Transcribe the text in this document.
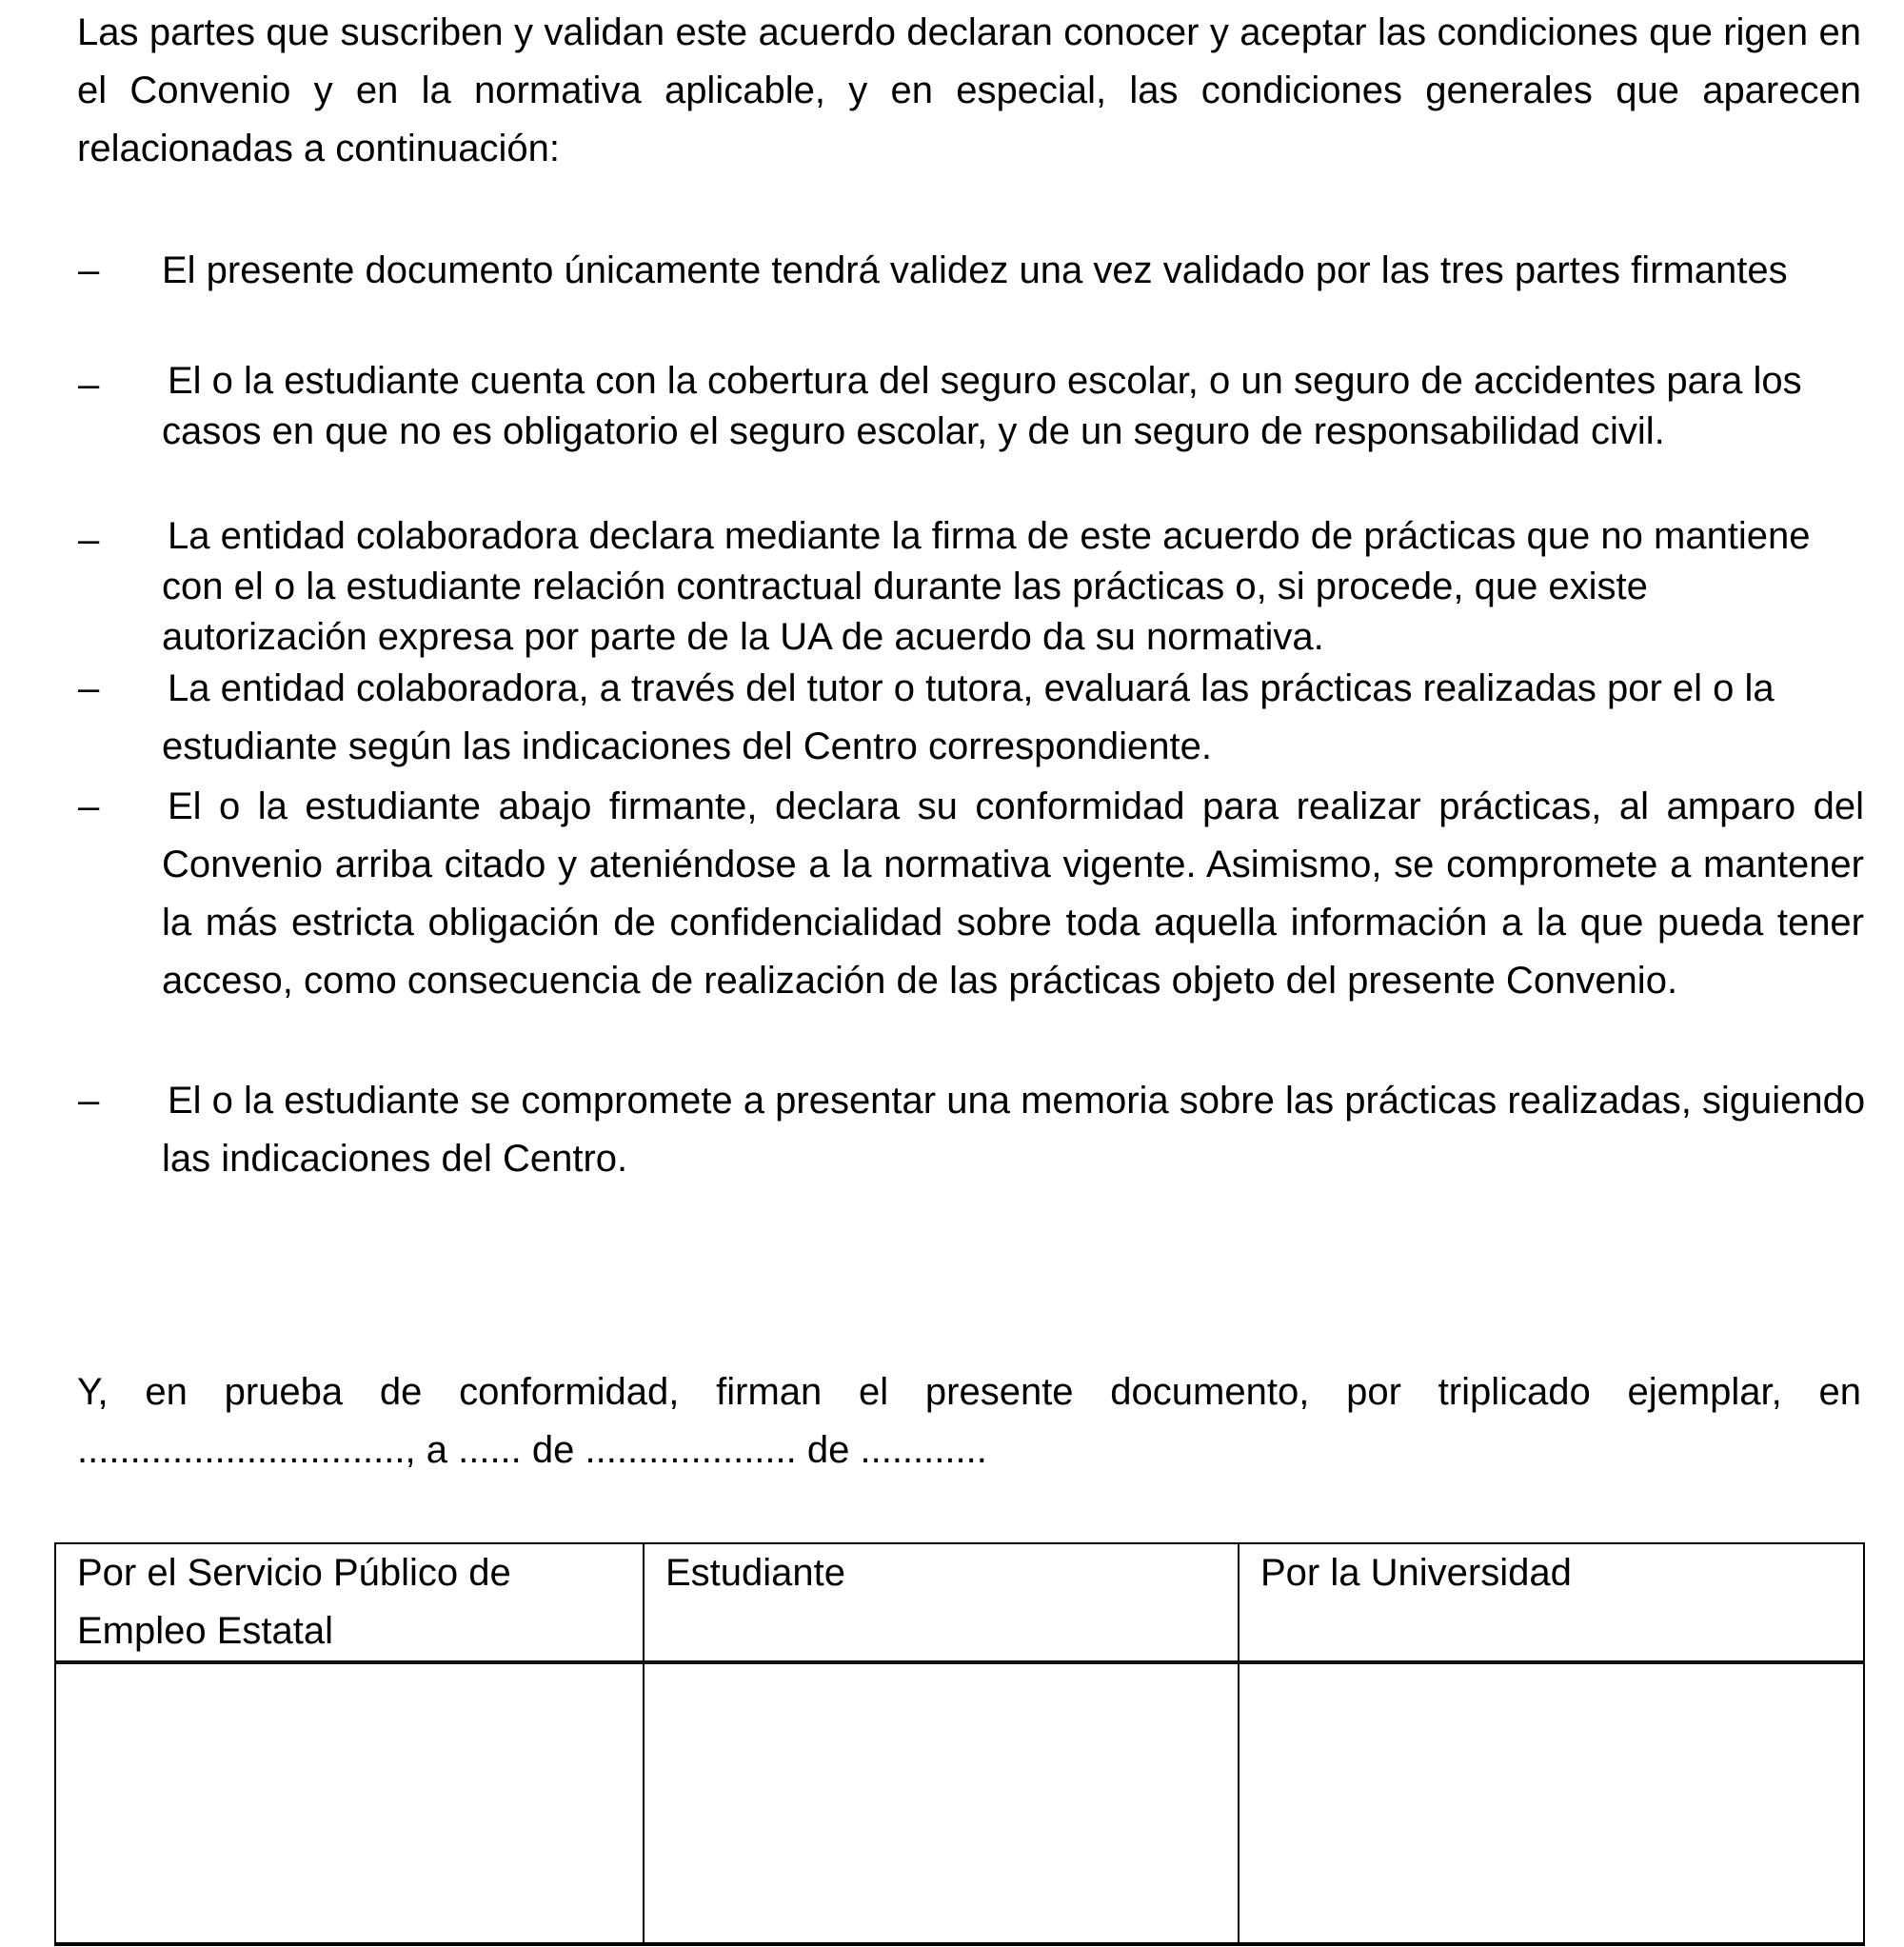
Las partes que suscriben y validan este acuerdo declaran conocer y aceptar las condiciones que rigen en el Convenio y en la normativa aplicable, y en especial, las condiciones generales que aparecen relacionadas a continuación:

– El presente documento únicamente tendrá validez una vez validado por las tres partes firmantes

– El o la estudiante cuenta con la cobertura del seguro escolar, o un seguro de accidentes para los casos en que no es obligatorio el seguro escolar, y de un seguro de responsabilidad civil.

– La entidad colaboradora declara mediante la firma de este acuerdo de prácticas que no mantiene con el o la estudiante relación contractual durante las prácticas o, si procede, que existe autorización expresa por parte de la UA de acuerdo da su normativa.

– La entidad colaboradora, a través del tutor o tutora, evaluará las prácticas realizadas por el o la estudiante según las indicaciones del Centro correspondiente.

– El o la estudiante abajo firmante, declara su conformidad para realizar prácticas, al amparo del Convenio arriba citado y ateniéndose a la normativa vigente. Asimismo, se compromete a mantener la más estricta obligación de confidencialidad sobre toda aquella información a la que pueda tener acceso, como consecuencia de realización de las prácticas objeto del presente Convenio.

– El o la estudiante se compromete a presentar una memoria sobre las prácticas realizadas, siguiendo las indicaciones del Centro.

Y, en prueba de conformidad, firman el presente documento, por triplicado ejemplar, en ..............................., a ...... de .................... de ............

Por el Servicio Público de Empleo Estatal	Estudiante	Por la Universidad
